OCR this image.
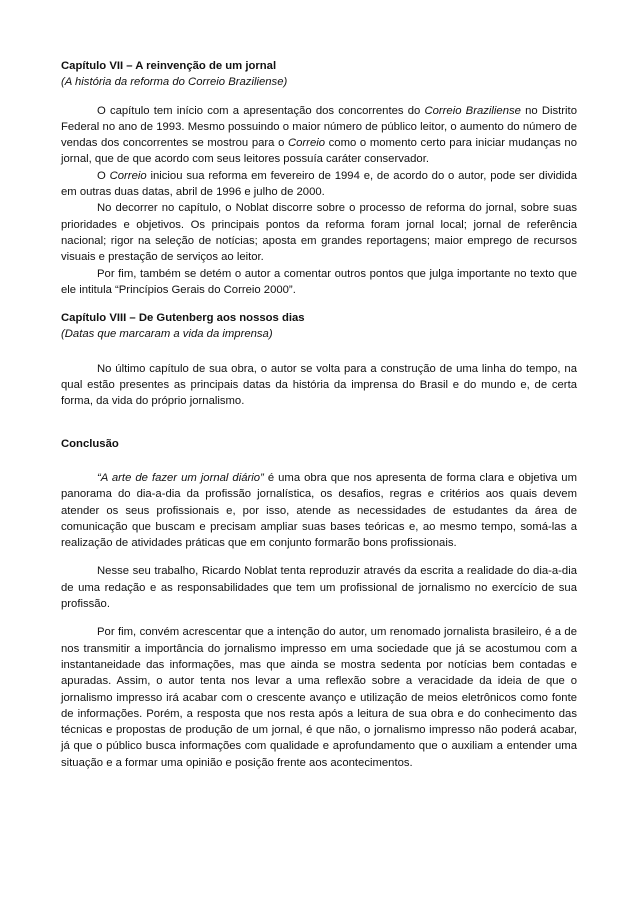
Capítulo VII – A reinvenção de um jornal
(A história da reforma do Correio Braziliense)

O capítulo tem início com a apresentação dos concorrentes do Correio Braziliense no Distrito Federal no ano de 1993. Mesmo possuindo o maior número de público leitor, o aumento do número de vendas dos concorrentes se mostrou para o Correio como o momento certo para iniciar mudanças no jornal, que de que acordo com seus leitores possuía caráter conservador.

O Correio iniciou sua reforma em fevereiro de 1994 e, de acordo do o autor, pode ser dividida em outras duas datas, abril de 1996 e julho de 2000.

No decorrer no capítulo, o Noblat discorre sobre o processo de reforma do jornal, sobre suas prioridades e objetivos. Os principais pontos da reforma foram jornal local; jornal de referência nacional; rigor na seleção de notícias; aposta em grandes reportagens; maior emprego de recursos visuais e prestação de serviços ao leitor.

Por fim, também se detém o autor a comentar outros pontos que julga importante no texto que ele intitula “Princípios Gerais do Correio 2000”.

Capítulo VIII – De Gutenberg aos nossos dias
(Datas que marcaram a vida da imprensa)

No último capítulo de sua obra, o autor se volta para a construção de uma linha do tempo, na qual estão presentes as principais datas da história da imprensa do Brasil e do mundo e, de certa forma, da vida do próprio jornalismo.

Conclusão

“A arte de fazer um jornal diário” é uma obra que nos apresenta de forma clara e objetiva um panorama do dia-a-dia da profissão jornalística, os desafios, regras e critérios aos quais devem atender os seus profissionais e, por isso, atende as necessidades de estudantes da área de comunicação que buscam e precisam ampliar suas bases teóricas e, ao mesmo tempo, somá-las a realização de atividades práticas que em conjunto formarão bons profissionais.

Nesse seu trabalho, Ricardo Noblat tenta reproduzir através da escrita a realidade do dia-a-dia de uma redação e as responsabilidades que tem um profissional de jornalismo no exercício de sua profissão.

Por fim, convém acrescentar que a intenção do autor, um renomado jornalista brasileiro, é a de nos transmitir a importância do jornalismo impresso em uma sociedade que já se acostumou com a instantaneidade das informações, mas que ainda se mostra sedenta por notícias bem contadas e apuradas. Assim, o autor tenta nos levar a uma reflexão sobre a veracidade da ideia de que o jornalismo impresso irá acabar com o crescente avanço e utilização de meios eletrônicos como fonte de informações. Porém, a resposta que nos resta após a leitura de sua obra e do conhecimento das técnicas e propostas de produção de um jornal, é que não, o jornalismo impresso não poderá acabar, já que o público busca informações com qualidade e aprofundamento que o auxiliam a entender uma situação e a formar uma opinião e posição frente aos acontecimentos.
